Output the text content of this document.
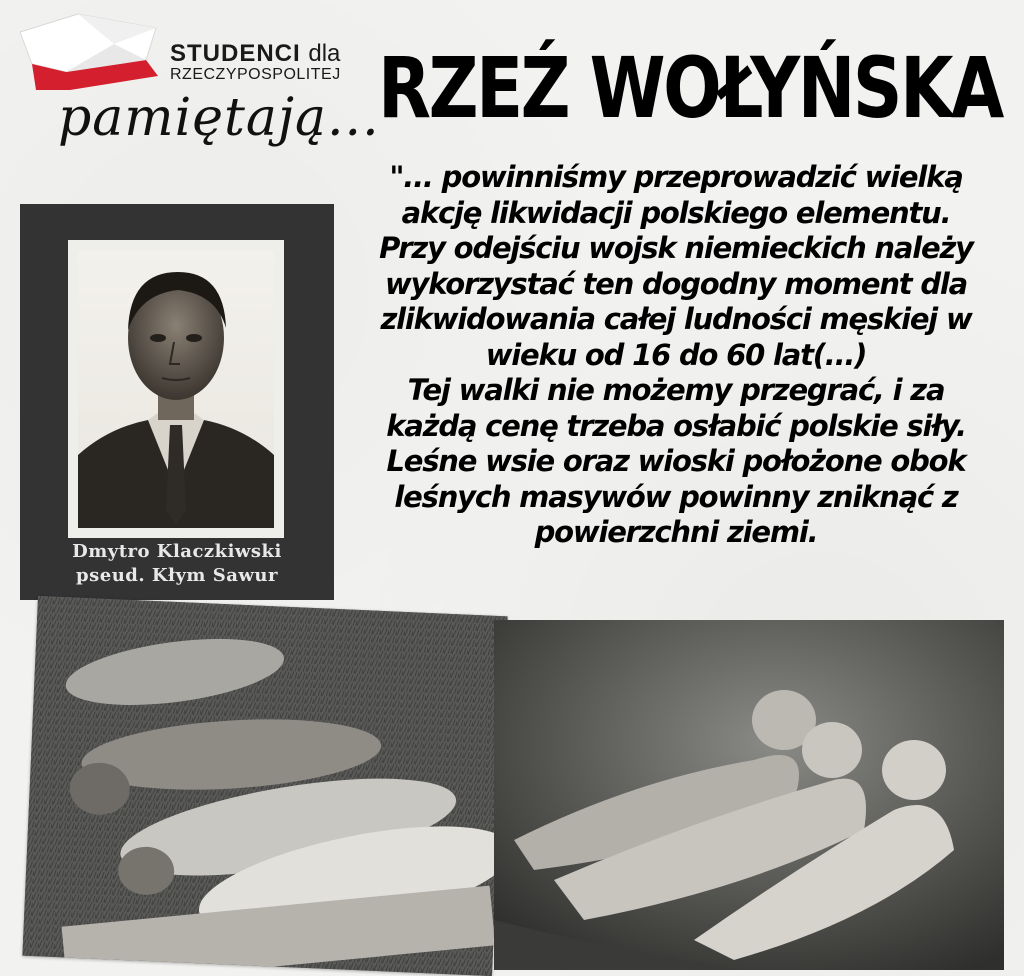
STUDENCI dla
RZECZYPOSPOLITEJ
pamiętają...
RZEŹ WOŁYŃSKA
"... powinniśmy przeprowadzić wielką
akcję likwidacji polskiego elementu.
Przy odejściu wojsk niemieckich należy
wykorzystać ten dogodny moment dla
zlikwidowania całej ludności męskiej w
wieku od 16 do 60 lat(...)
Tej walki nie możemy przegrać, i za
każdą cenę trzeba osłabić polskie siły.
Leśne wsie oraz wioski położone obok
leśnych masywów powinny zniknąć z
powierzchni ziemi.
Dmytro Klaczkiwski
pseud. Kłym Sawur
